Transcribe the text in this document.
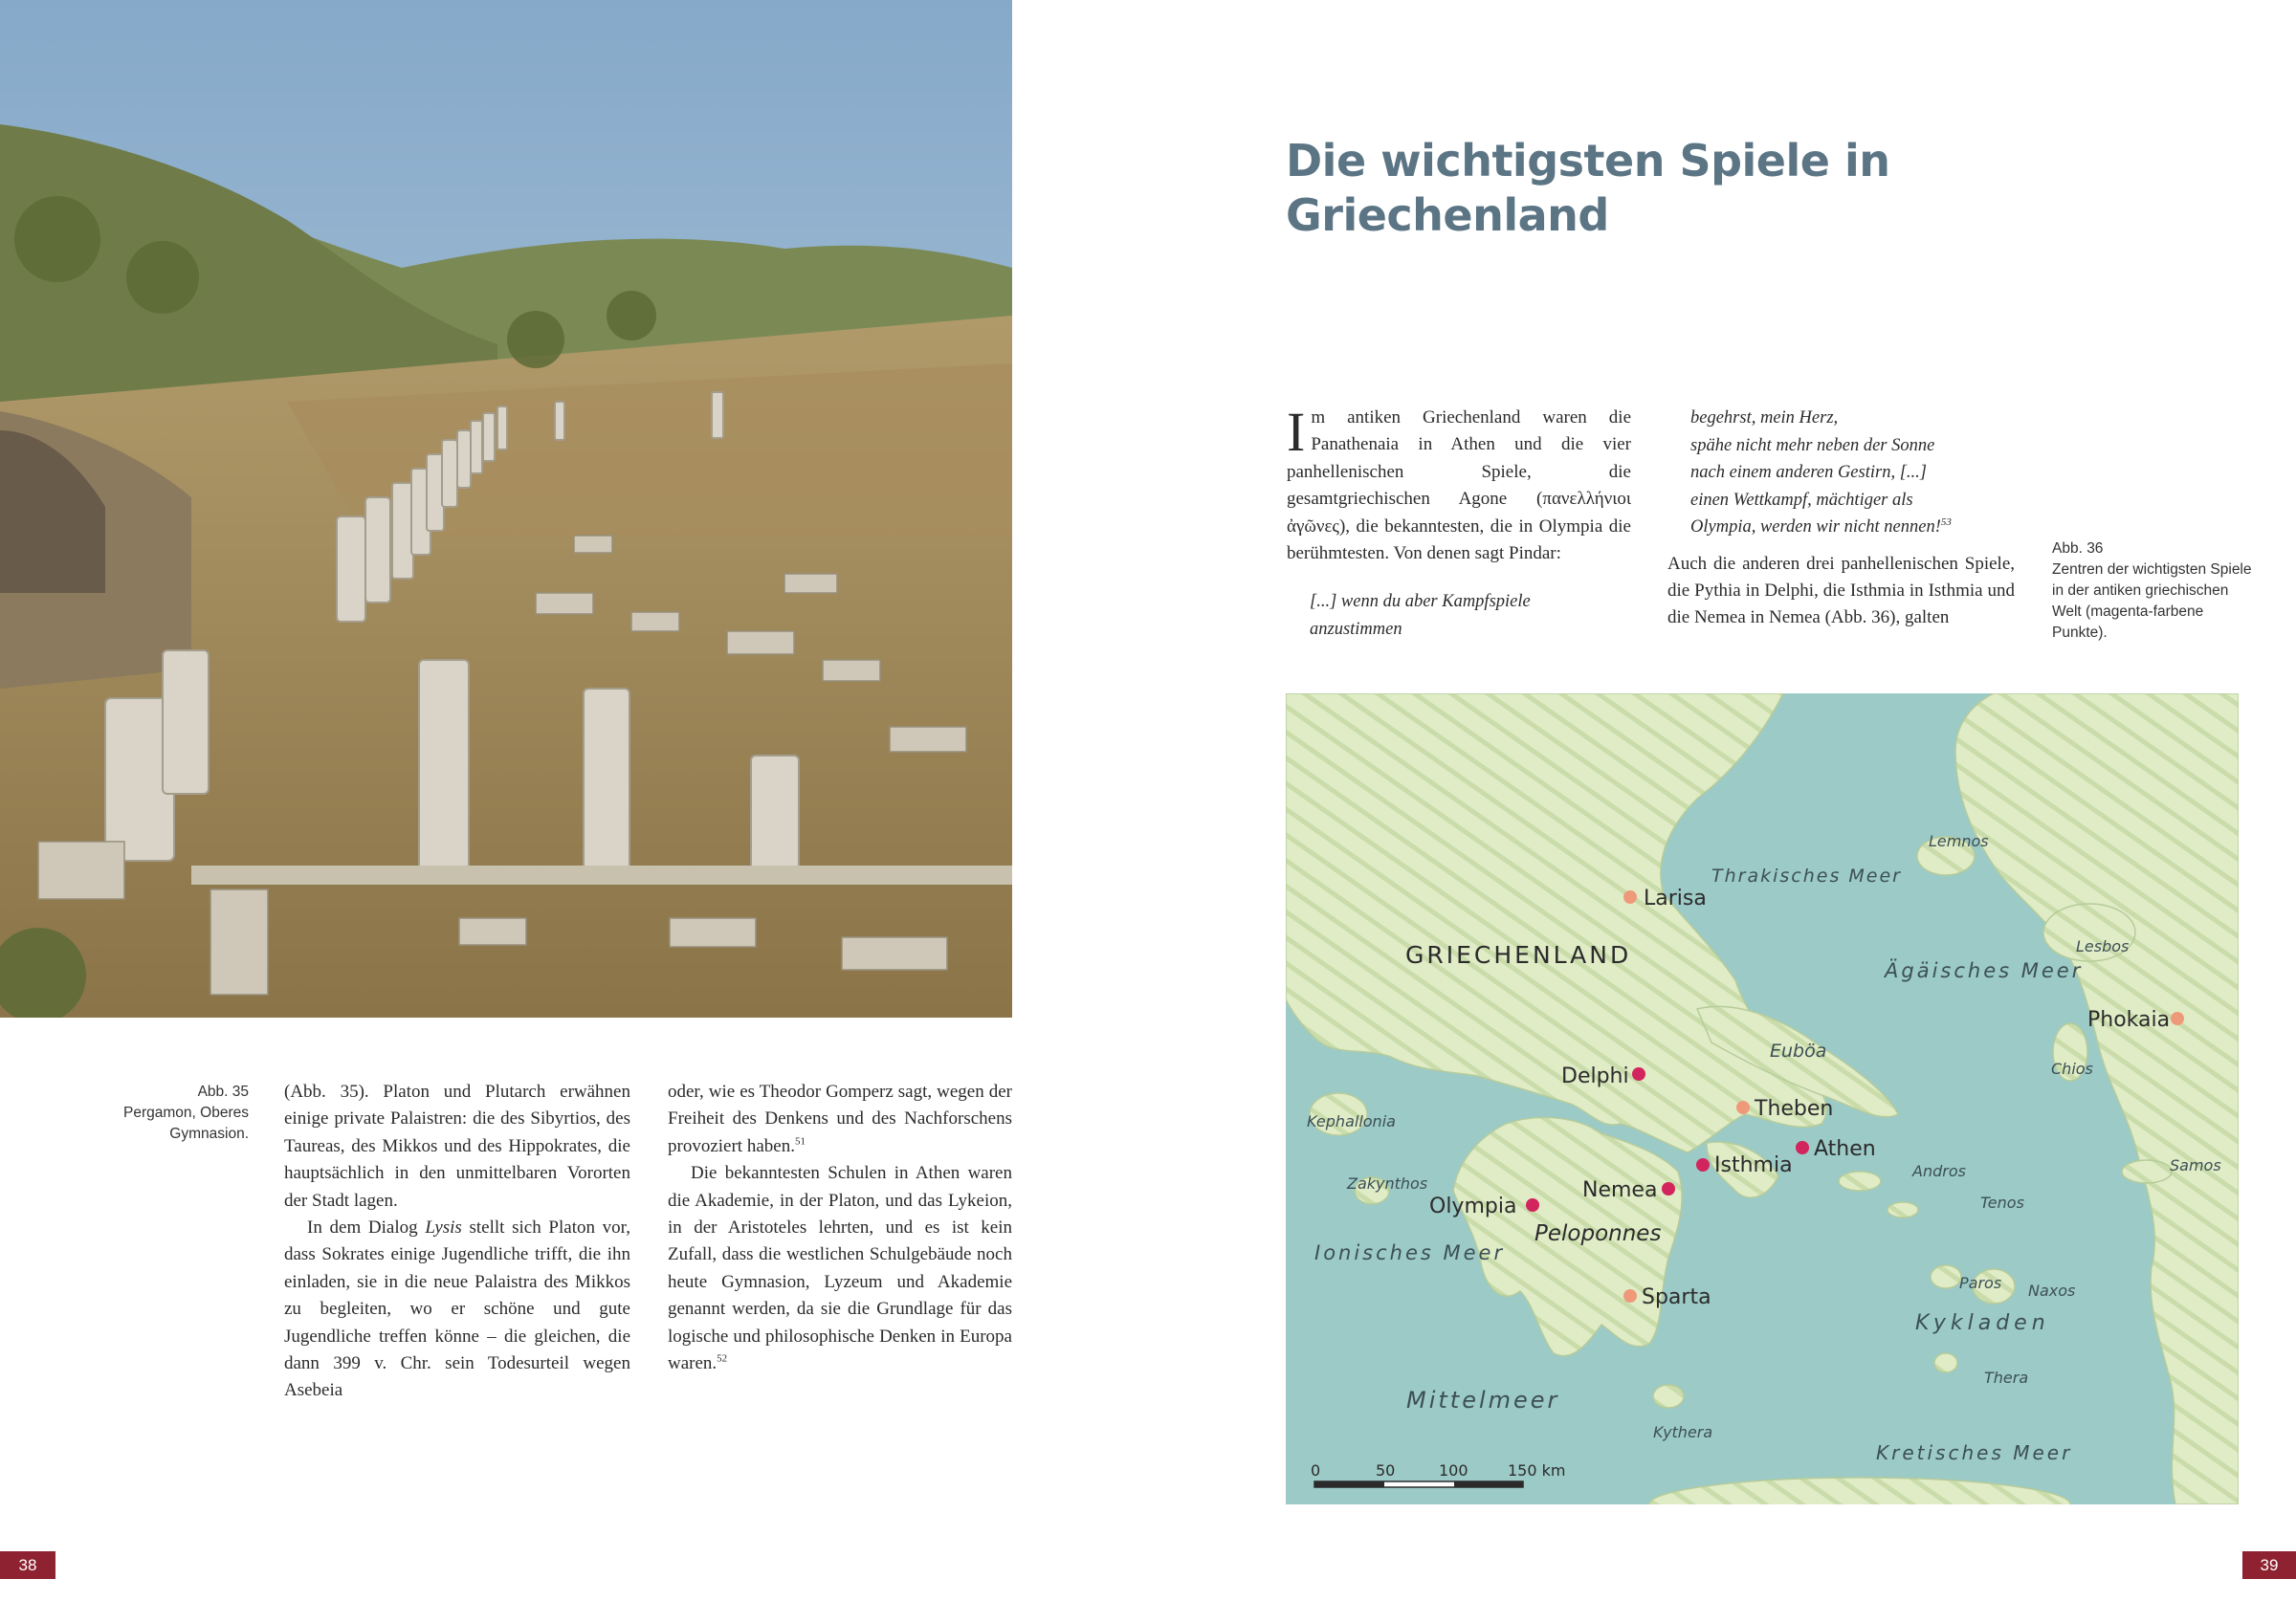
Abb. 35
Pergamon, Oberes Gymnasion.

(Abb. 35). Platon und Plutarch erwähnen einige private Palaistren: die des Sibyrtios, des Taureas, des Mikkos und des Hippokrates, die hauptsächlich in den unmittelbaren Vororten der Stadt lagen.

In dem Dialog Lysis stellt sich Platon vor, dass Sokrates einige Jugendliche trifft, die ihn einladen, sie in die neue Palaistra des Mikkos zu begleiten, wo er schöne und gute Jugendliche treffen könne – die gleichen, die dann 399 v. Chr. sein Todesurteil wegen Asebeia

oder, wie es Theodor Gomperz sagt, wegen der Freiheit des Denkens und des Nachforschens provoziert haben.$^{51}$

Die bekanntesten Schulen in Athen waren die Akademie, in der Platon, und das Lykeion, in der Aristoteles lehrten, und es ist kein Zufall, dass die westlichen Schulgebäude noch heute Gymnasion, Lyzeum und Akademie genannt werden, da sie die Grundlage für das logische und philosophische Denken in Europa waren.$^{52}$

Die wichtigsten Spiele in Griechenland

Im antiken Griechenland waren die Panathenaia in Athen und die vier panhellenischen Spiele, die gesamtgriechischen Agone (πανελλήνιοι ἀγῶνες), die bekanntesten, die in Olympia die berühmtesten. Von denen sagt Pindar:

[...] wenn du aber Kampfspiele

anzustimmen

begehrst, mein Herz,

spähe nicht mehr neben der Sonne

nach einem anderen Gestirn, [...]

einen Wettkampf, mächtiger als

Olympia, werden wir nicht nennen!$^{53}$

Auch die anderen drei panhellenischen Spiele, die Pythia in Delphi, die Isthmia in Isthmia und die Nemea in Nemea (Abb. 36), galten

Abb. 36
Zentren der wichtigsten Spiele in der antiken griechischen Welt (magenta-farbene Punkte).
Larisa
Delphi
Theben
Athen
Isthmia
Nemea
Olympia
Sparta
Phokaia
GRIECHENLAND
Peloponnes
Kykladen
Thrakisches Meer
Ägäisches Meer
Ionisches Meer
Mittelmeer
Kretisches Meer
Lemnos
Lesbos
Chios
Euböa
Kephallonia
Zakynthos
Andros
Tenos
Samos
Paros Naxos
Thera
Kythera
0	50	100	150 km
38	39
